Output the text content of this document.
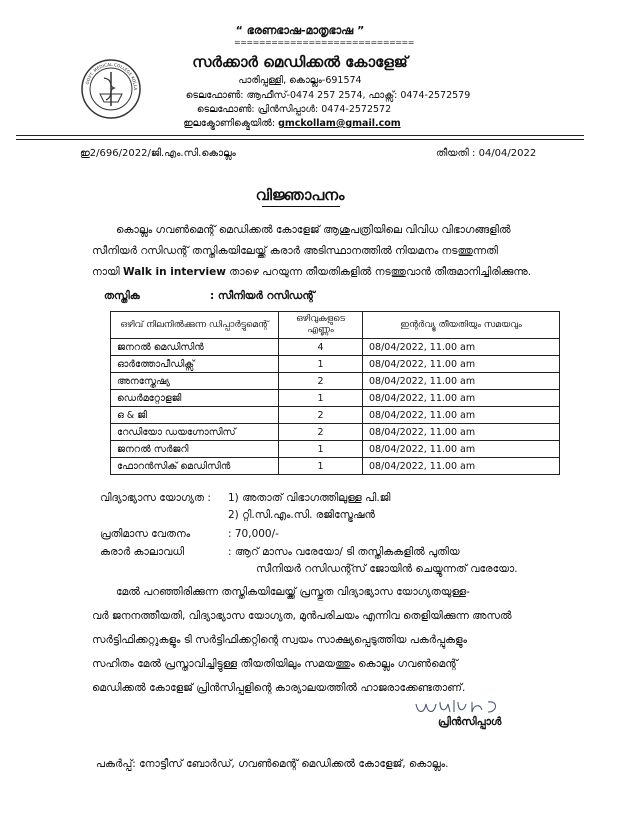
“ ഭരണഭാഷ-മാതൃഭാഷ ”
=============================
GOVT. MEDICAL COLLEGE KOLLA
സർക്കാർ മെഡിക്കൽ കോളേജ്
പാരിപ്പള്ളി, കൊല്ലം-691574
ടെലഫോൺ: ആഫീസ്-0474 257 2574, ഫാക്സ്: 0474-2572579
ടെലഫോൺ: പ്രിൻസിപ്പാൾ: 0474-2572572
ഇലക്ട്രോണിക്മെയിൽ: gmckollam@gmail.com
ഇ2/696/2022/ജി.എം.സി.കൊല്ലം	തീയതി : 04/04/2022
വിജ്ഞാപനം
കൊല്ലം ഗവൺമെന്റ് മെഡിക്കൽ കോളേജ് ആശുപത്രിയിലെ വിവിധ വിഭാഗങ്ങളിൽ
സീനിയർ റസിഡന്റ് തസ്തികയിലേയ്ക്ക് കരാർ അടിസ്ഥാനത്തിൽ നിയമനം നടത്തുന്നതി
നായി Walk in interview താഴെ പറയുന്ന തീയതികളിൽ നടത്തുവാൻ തീരുമാനിച്ചിരിക്കുന്നു.
തസ്തിക	: സീനിയർ റസിഡന്റ്
ഒഴിവ് നിലനിൽക്കുന്ന ഡിപ്പാർട്ടുമെന്റ്	ഒഴിവുകളുടെ എണ്ണം	ഇന്റർവ്യൂ തീയതിയും സമയവും
ജനറൽ മെഡിസിൻ	4	08/04/2022, 11.00 am
ഓർത്തോപീഡിക്സ്	1	08/04/2022, 11.00 am
അനസ്തേഷ്യ	2	08/04/2022, 11.00 am
ഡെർമറ്റോളജി	1	08/04/2022, 11.00 am
ഒ & ജി	2	08/04/2022, 11.00 am
റേഡിയോ ഡയഗ്നോസിസ്	2	08/04/2022, 11.00 am
ജനറൽ സർജറി	1	08/04/2022, 11.00 am
ഫോറൻസിക് മെഡിസിൻ	1	08/04/2022, 11.00 am
വിദ്യാഭ്യാസ യോഗ്യത : 1) അതാത് വിഭാഗത്തിലുള്ള പി.ജി
2) റ്റി.സി.എം.സി. രജിസ്ട്രേഷൻ
പ്രതിമാസ വേതനം	: 70,000/-
കരാർ കാലാവധി	: ആറ് മാസം വരേയോ/ ടി തസ്തികകളിൽ പുതിയ
സീനിയർ റസിഡന്റ്സ് ജോയിൻ ചെയ്യുന്നത് വരേയോ.
മേൽ പറഞ്ഞിരിക്കുന്ന തസ്തികയിലേയ്ക്ക് പ്രസ്തുത വിദ്യാഭ്യാസ യോഗ്യതയുള്ള-
വർ ജനനത്തീയതി, വിദ്യാഭ്യാസ യോഗ്യത, മുൻപരിചയം എന്നിവ തെളിയിക്കുന്ന അസൽ
സർട്ടിഫിക്കറ്റുകളും ടി സർട്ടിഫിക്കറ്റിന്റെ സ്വയം സാക്ഷ്യപ്പെടുത്തിയ പകർപ്പുകളും
സഹിതം മേൽ പ്രസ്താവിച്ചിട്ടുള്ള തീയതിയിലും സമയത്തും കൊല്ലം ഗവൺമെന്റ്
മെഡിക്കൽ കോളേജ് പ്രിൻസിപ്പളിന്റെ കാര്യാലയത്തിൽ ഹാജരാക്കേണ്ടതാണ്.
പ്രിൻസിപ്പാൾ
പകർപ്പ്: നോട്ടീസ് ബോർഡ്, ഗവൺമെന്റ് മെഡിക്കൽ കോളേജ്, കൊല്ലം.
